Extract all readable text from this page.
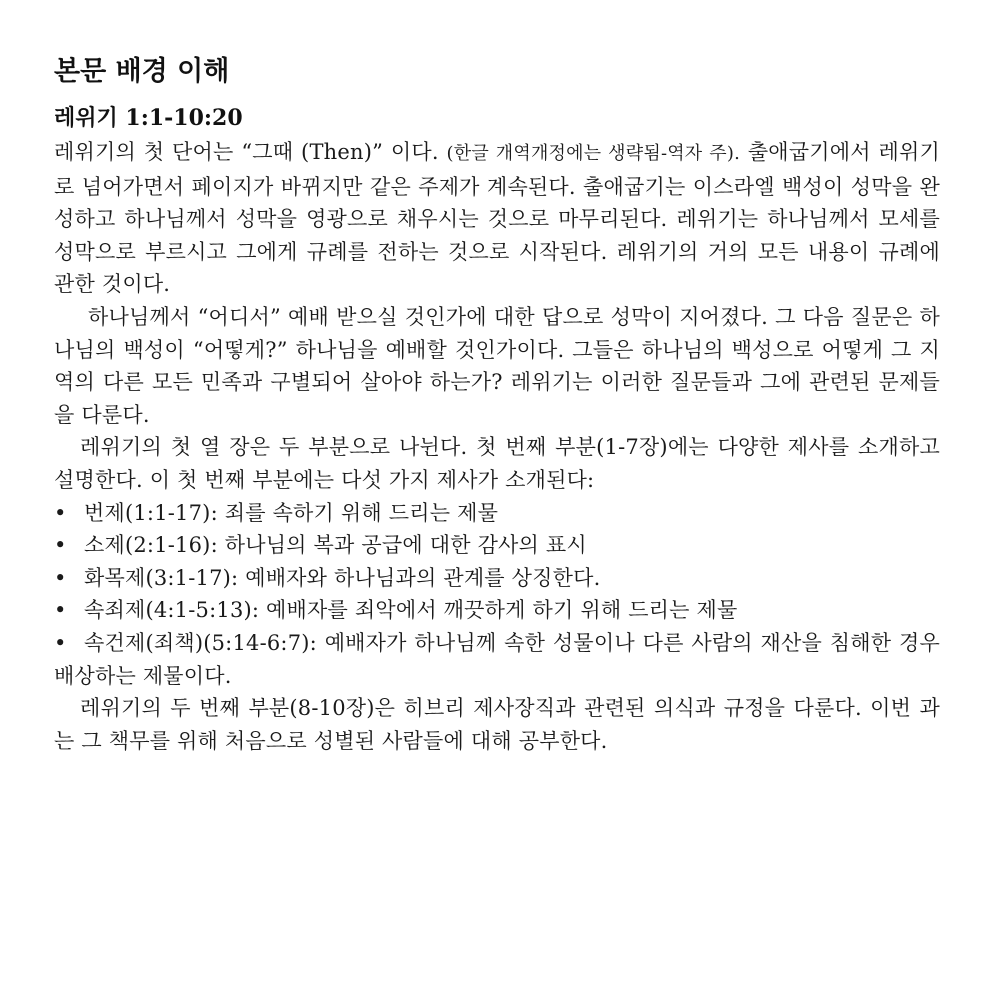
본문 배경 이해
레위기 1:1-10:20

레위기의 첫 단어는 “그때 (Then)” 이다. (한글 개역개정에는 생략됨-역자 주). 출애굽기에서 레위기로 넘어가면서 페이지가 바뀌지만 같은 주제가 계속된다. 출애굽기는 이스라엘 백성이 성막을 완성하고 하나님께서 성막을 영광으로 채우시는 것으로 마무리된다. 레위기는 하나님께서 모세를 성막으로 부르시고 그에게 규례를 전하는 것으로 시작된다. 레위기의 거의 모든 내용이 규례에 관한 것이다.

하나님께서 “어디서” 예배 받으실 것인가에 대한 답으로 성막이 지어졌다. 그 다음 질문은 하나님의 백성이 “어떻게?” 하나님을 예배할 것인가이다. 그들은 하나님의 백성으로 어떻게 그 지역의 다른 모든 민족과 구별되어 살아야 하는가? 레위기는 이러한 질문들과 그에 관련된 문제들을 다룬다.

레위기의 첫 열 장은 두 부분으로 나뉜다. 첫 번째 부분(1-7장)에는 다양한 제사를 소개하고 설명한다. 이 첫 번째 부분에는 다섯 가지 제사가 소개된다:

• 번제(1:1-17): 죄를 속하기 위해 드리는 제물
• 소제(2:1-16): 하나님의 복과 공급에 대한 감사의 표시
• 화목제(3:1-17): 예배자와 하나님과의 관계를 상징한다.
• 속죄제(4:1-5:13): 예배자를 죄악에서 깨끗하게 하기 위해 드리는 제물
• 속건제(죄책)(5:14-6:7): 예배자가 하나님께 속한 성물이나 다른 사람의 재산을 침해한 경우 배상하는 제물이다.

레위기의 두 번째 부분(8-10장)은 히브리 제사장직과 관련된 의식과 규정을 다룬다. 이번 과는 그 책무를 위해 처음으로 성별된 사람들에 대해 공부한다.
